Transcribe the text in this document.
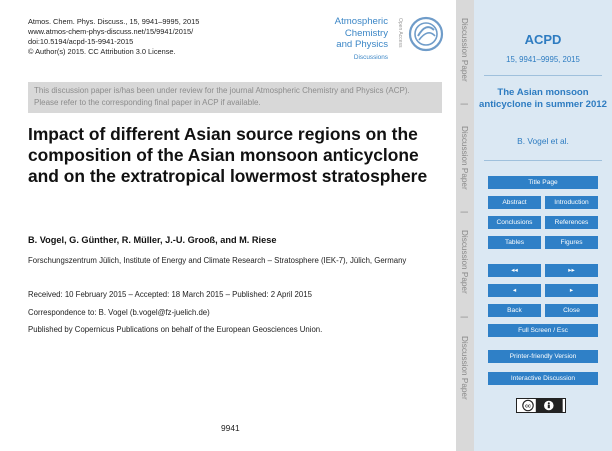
Atmos. Chem. Phys. Discuss., 15, 9941–9995, 2015
www.atmos-chem-phys-discuss.net/15/9941/2015/
doi:10.5194/acpd-15-9941-2015
© Author(s) 2015. CC Attribution 3.0 License.
Atmospheric
Chemistry
and Physics
Discussions
Open Access
This discussion paper is/has been under review for the journal Atmospheric Chemistry and Physics (ACP). Please refer to the corresponding final paper in ACP if available.
Impact of different Asian source regions on the composition of the Asian monsoon anticyclone and on the extratropical lowermost stratosphere
B. Vogel, G. Günther, R. Müller, J.-U. Grooß, and M. Riese
Forschungszentrum Jülich, Institute of Energy and Climate Research – Stratosphere (IEK-7), Jülich, Germany
Received: 10 February 2015 – Accepted: 18 March 2015 – Published: 2 April 2015
Correspondence to: B. Vogel (b.vogel@fz-juelich.de)
Published by Copernicus Publications on behalf of the European Geosciences Union.
9941
Discussion Paper
|
Discussion Paper
|
Discussion Paper
|
Discussion Paper
ACPD
15, 9941–9995, 2015
The Asian monsoon anticyclone in summer 2012
B. Vogel et al.
Title Page
Abstract	Introduction
Conclusions	References
Tables	Figures
◂◂	▸▸
◂	▸
Back	Close
Full Screen / Esc
Printer-friendly Version
Interactive Discussion
cc
